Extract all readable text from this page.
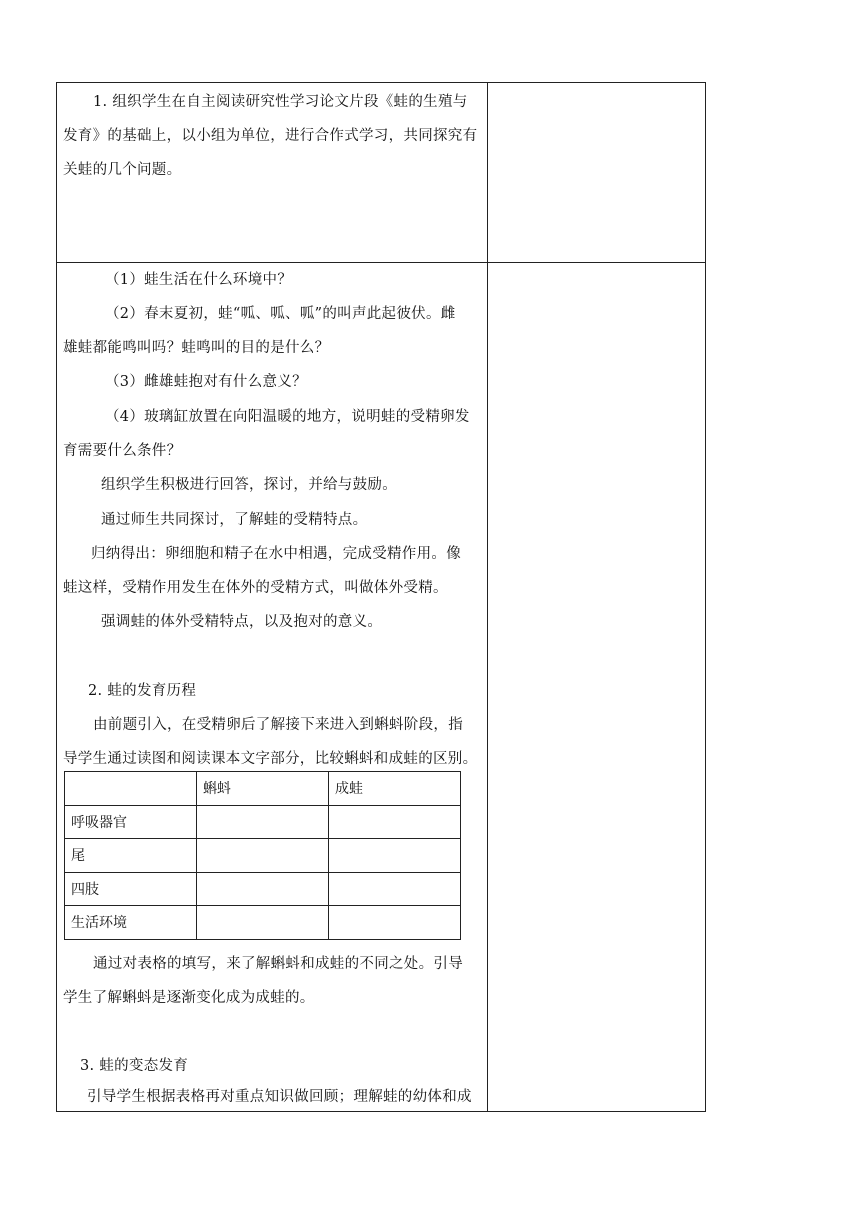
1. 组织学生在自主阅读研究性学习论文片段《蛙的生殖与发育》的基础上，以小组为单位，进行合作式学习，共同探究有关蛙的几个问题。

（1）蛙生活在什么环境中？
（2）春末夏初，蛙“呱、呱、呱”的叫声此起彼伏。雌
雄蛙都能鸣叫吗？蛙鸣叫的目的是什么？
（3）雌雄蛙抱对有什么意义？
（4）玻璃缸放置在向阳温暖的地方，说明蛙的受精卵发
育需要什么条件？
组织学生积极进行回答，探讨，并给与鼓励。
通过师生共同探讨，了解蛙的受精特点。
归纳得出：卵细胞和精子在水中相遇，完成受精作用。像
蛙这样，受精作用发生在体外的受精方式，叫做体外受精。
强调蛙的体外受精特点，以及抱对的意义。
2. 蛙的发育历程
由前题引入，在受精卵后了解接下来进入到蝌蚪阶段，指
导学生通过读图和阅读课本文字部分，比较蝌蚪和成蛙的区别。
	蝌蚪	成蛙
呼吸器官		
尾		
四肢		
生活环境		
通过对表格的填写，来了解蝌蚪和成蛙的不同之处。引导
学生了解蝌蚪是逐渐变化成为成蛙的。
3. 蛙的变态发育
引导学生根据表格再对重点知识做回顾；理解蛙的幼体和成
